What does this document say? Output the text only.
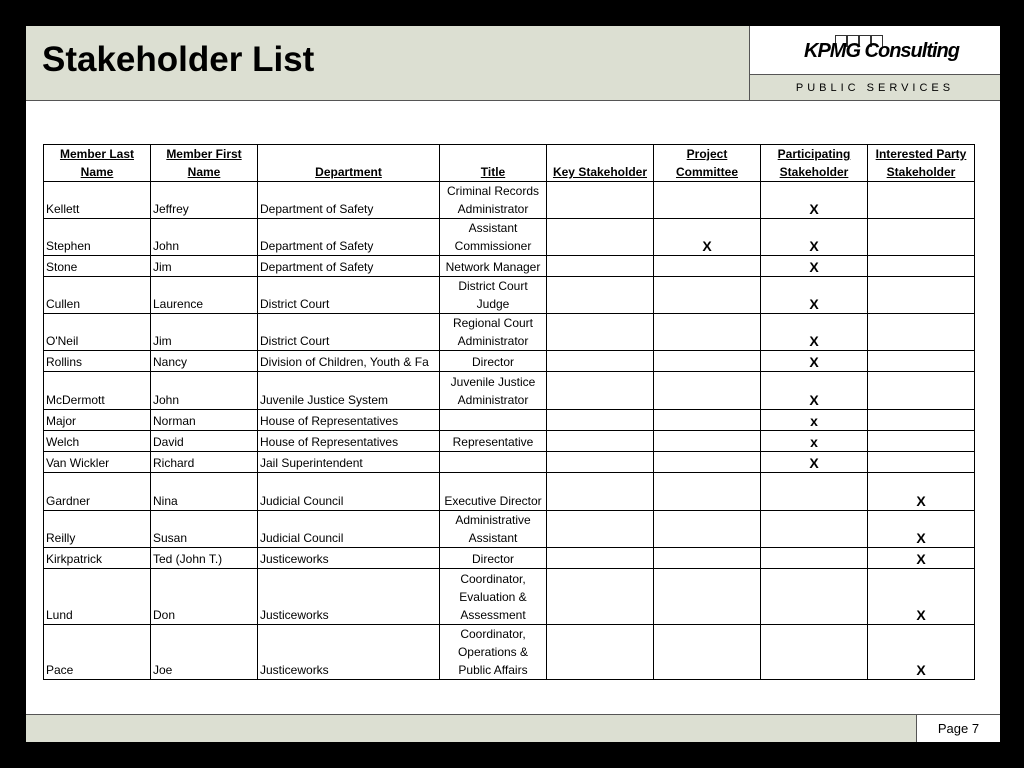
Stakeholder List	KPMG Consulting
PUBLIC SERVICES
Member Last Name	Member First Name	Department	Title	Key Stakeholder	Project Committee	Participating Stakeholder	Interested Party Stakeholder
Kellett	Jeffrey	Department of Safety	Criminal Records Administrator			X	
Stephen	John	Department of Safety	Assistant Commissioner		X	X	
Stone	Jim	Department of Safety	Network Manager			X	
Cullen	Laurence	District Court	District Court Judge			X	
O'Neil	Jim	District Court	Regional Court Administrator			X	
Rollins	Nancy	Division of Children, Youth & Fa	Director			X	
McDermott	John	Juvenile Justice System	Juvenile Justice Administrator			X	
Major	Norman	House of Representatives				x	
Welch	David	House of Representatives	Representative			x	
Van Wickler	Richard	Jail Superintendent				X	
Gardner	Nina	Judicial Council	Executive Director				X
Reilly	Susan	Judicial Council	Administrative Assistant				X
Kirkpatrick	Ted (John T.)	Justiceworks	Director				X
Lund	Don	Justiceworks	Coordinator, Evaluation & Assessment				X
Pace	Joe	Justiceworks	Coordinator, Operations & Public Affairs				X
Page 7
